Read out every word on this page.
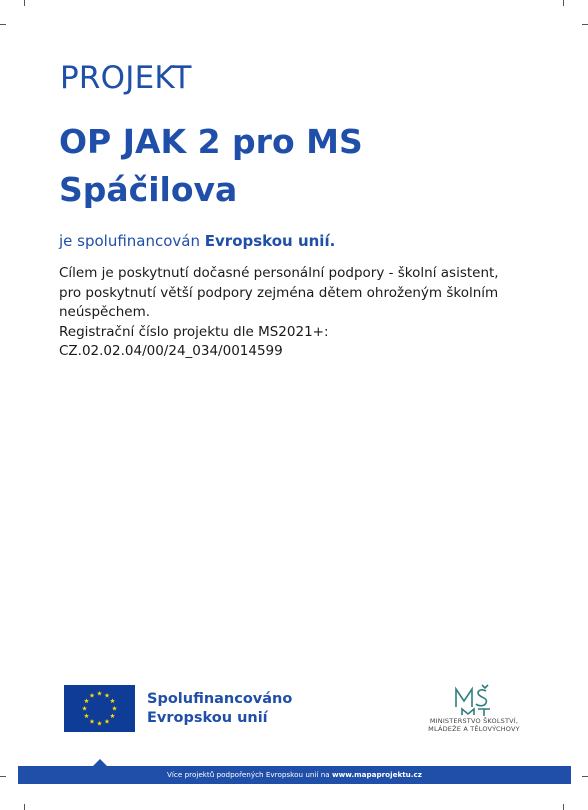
PROJEKT
OP JAK 2 pro MS
Spáčilova
je spolufinancován Evropskou unií.
Cílem je poskytnutí dočasné personální podpory - školní asistent,
pro poskytnutí větší podpory zejména dětem ohroženým školním
neúspěchem.
Registrační číslo projektu dle MS2021+:
CZ.02.02.04/00/24_034/0014599
Spolufinancováno
Evropskou unií	MINISTERSTVO ŠKOLSTVÍ,
MLÁDEŽE A TĚLOVÝCHOVY
Více projektů podpořených Evropskou unií na www.mapaprojektu.cz
